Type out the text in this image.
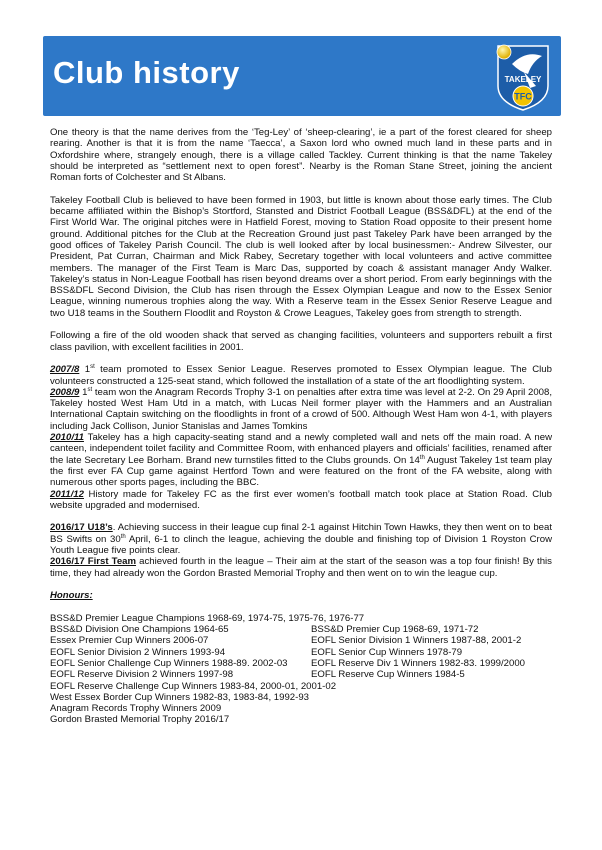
Club history	TAKELEY
TFC

One theory is that the name derives from the ‘Teg-Ley’ of ‘sheep-clearing’, ie a part of the forest cleared for sheep rearing. Another is that it is from the name ‘Taecca’, a Saxon lord who owned much land in these parts and in Oxfordshire where, strangely enough, there is a village called Tackley. Current thinking is that the name Takeley should be interpreted as “settlement next to open forest”. Nearby is the Roman Stane Street, joining the ancient Roman forts of Colchester and St Albans.

Takeley Football Club is believed to have been formed in 1903, but little is known about those early times. The Club became affiliated within the Bishop’s Stortford, Stansted and District Football League (BSS&DFL) at the end of the First World War. The original pitches were in Hatfield Forest, moving to Station Road opposite to their present home ground. Additional pitches for the Club at the Recreation Ground just past Takeley Park have been arranged by the good offices of Takeley Parish Council. The club is well looked after by local businessmen:- Andrew Silvester, our President, Pat Curran, Chairman and Mick Rabey, Secretary together with local volunteers and active committee members. The manager of the First Team is Marc Das, supported by coach & assistant manager Andy Walker. Takeley’s status in Non-League Football has risen beyond dreams over a short period. From early beginnings with the BSS&DFL Second Division, the Club has risen through the Essex Olympian League and now to the Essex Senior League, winning numerous trophies along the way. With a Reserve team in the Essex Senior Reserve League and two U18 teams in the Southern Floodlit and Royston & Crowe Leagues, Takeley goes from strength to strength.

Following a fire of the old wooden shack that served as changing facilities, volunteers and supporters rebuilt a first class pavilion, with excellent facilities in 2001.

2007/8 1st team promoted to Essex Senior League. Reserves promoted to Essex Olympian league. The Club volunteers constructed a 125-seat stand, which followed the installation of a state of the art floodlighting system.

2008/9 1st team won the Anagram Records Trophy 3-1 on penalties after extra time was level at 2-2. On 29 April 2008, Takeley hosted West Ham Utd in a match, with Lucas Neil former player with the Hammers and an Australian International Captain switching on the floodlights in front of a crowd of 500. Although West Ham won 4-1, with players including Jack Collison, Junior Stanislas and James Tomkins

2010/11 Takeley has a high capacity-seating stand and a newly completed wall and nets off the main road. A new canteen, independent toilet facility and Committee Room, with enhanced players and officials’ facilities, renamed after the late Secretary Lee Borham. Brand new turnstiles fitted to the Clubs grounds. On 14th August Takeley 1st team play the first ever FA Cup game against Hertford Town and were featured on the front of the FA website, along with numerous other sports pages, including the BBC.

2011/12 History made for Takeley FC as the first ever women’s football match took place at Station Road. Club website upgraded and modernised.

2016/17 U18’s. Achieving success in their league cup final 2-1 against Hitchin Town Hawks, they then went on to beat BS Swifts on 30th April, 6-1 to clinch the league, achieving the double and finishing top of Division 1 Royston Crow Youth League five points clear.

2016/17 First Team achieved fourth in the league – Their aim at the start of the season was a top four finish! By this time, they had already won the Gordon Brasted Memorial Trophy and then went on to win the league cup.

Honours:

BSS&D Premier League Champions 1968-69, 1974-75, 1975-76, 1976-77
BSS&D Division One Champions 1964-65	BSS&D Premier Cup 1968-69, 1971-72
Essex Premier Cup Winners 2006-07	EOFL Senior Division 1 Winners 1987-88, 2001-2
EOFL Senior Division 2 Winners 1993-94	EOFL Senior Cup Winners 1978-79
EOFL Senior Challenge Cup Winners 1988-89. 2002-03	EOFL Reserve Div 1 Winners 1982-83. 1999/2000
EOFL Reserve Division 2 Winners 1997-98	EOFL Reserve Cup Winners 1984-5
EOFL Reserve Challenge Cup Winners 1983-84, 2000-01, 2001-02
West Essex Border Cup Winners 1982-83, 1983-84, 1992-93
Anagram Records Trophy Winners 2009
Gordon Brasted Memorial Trophy 2016/17
